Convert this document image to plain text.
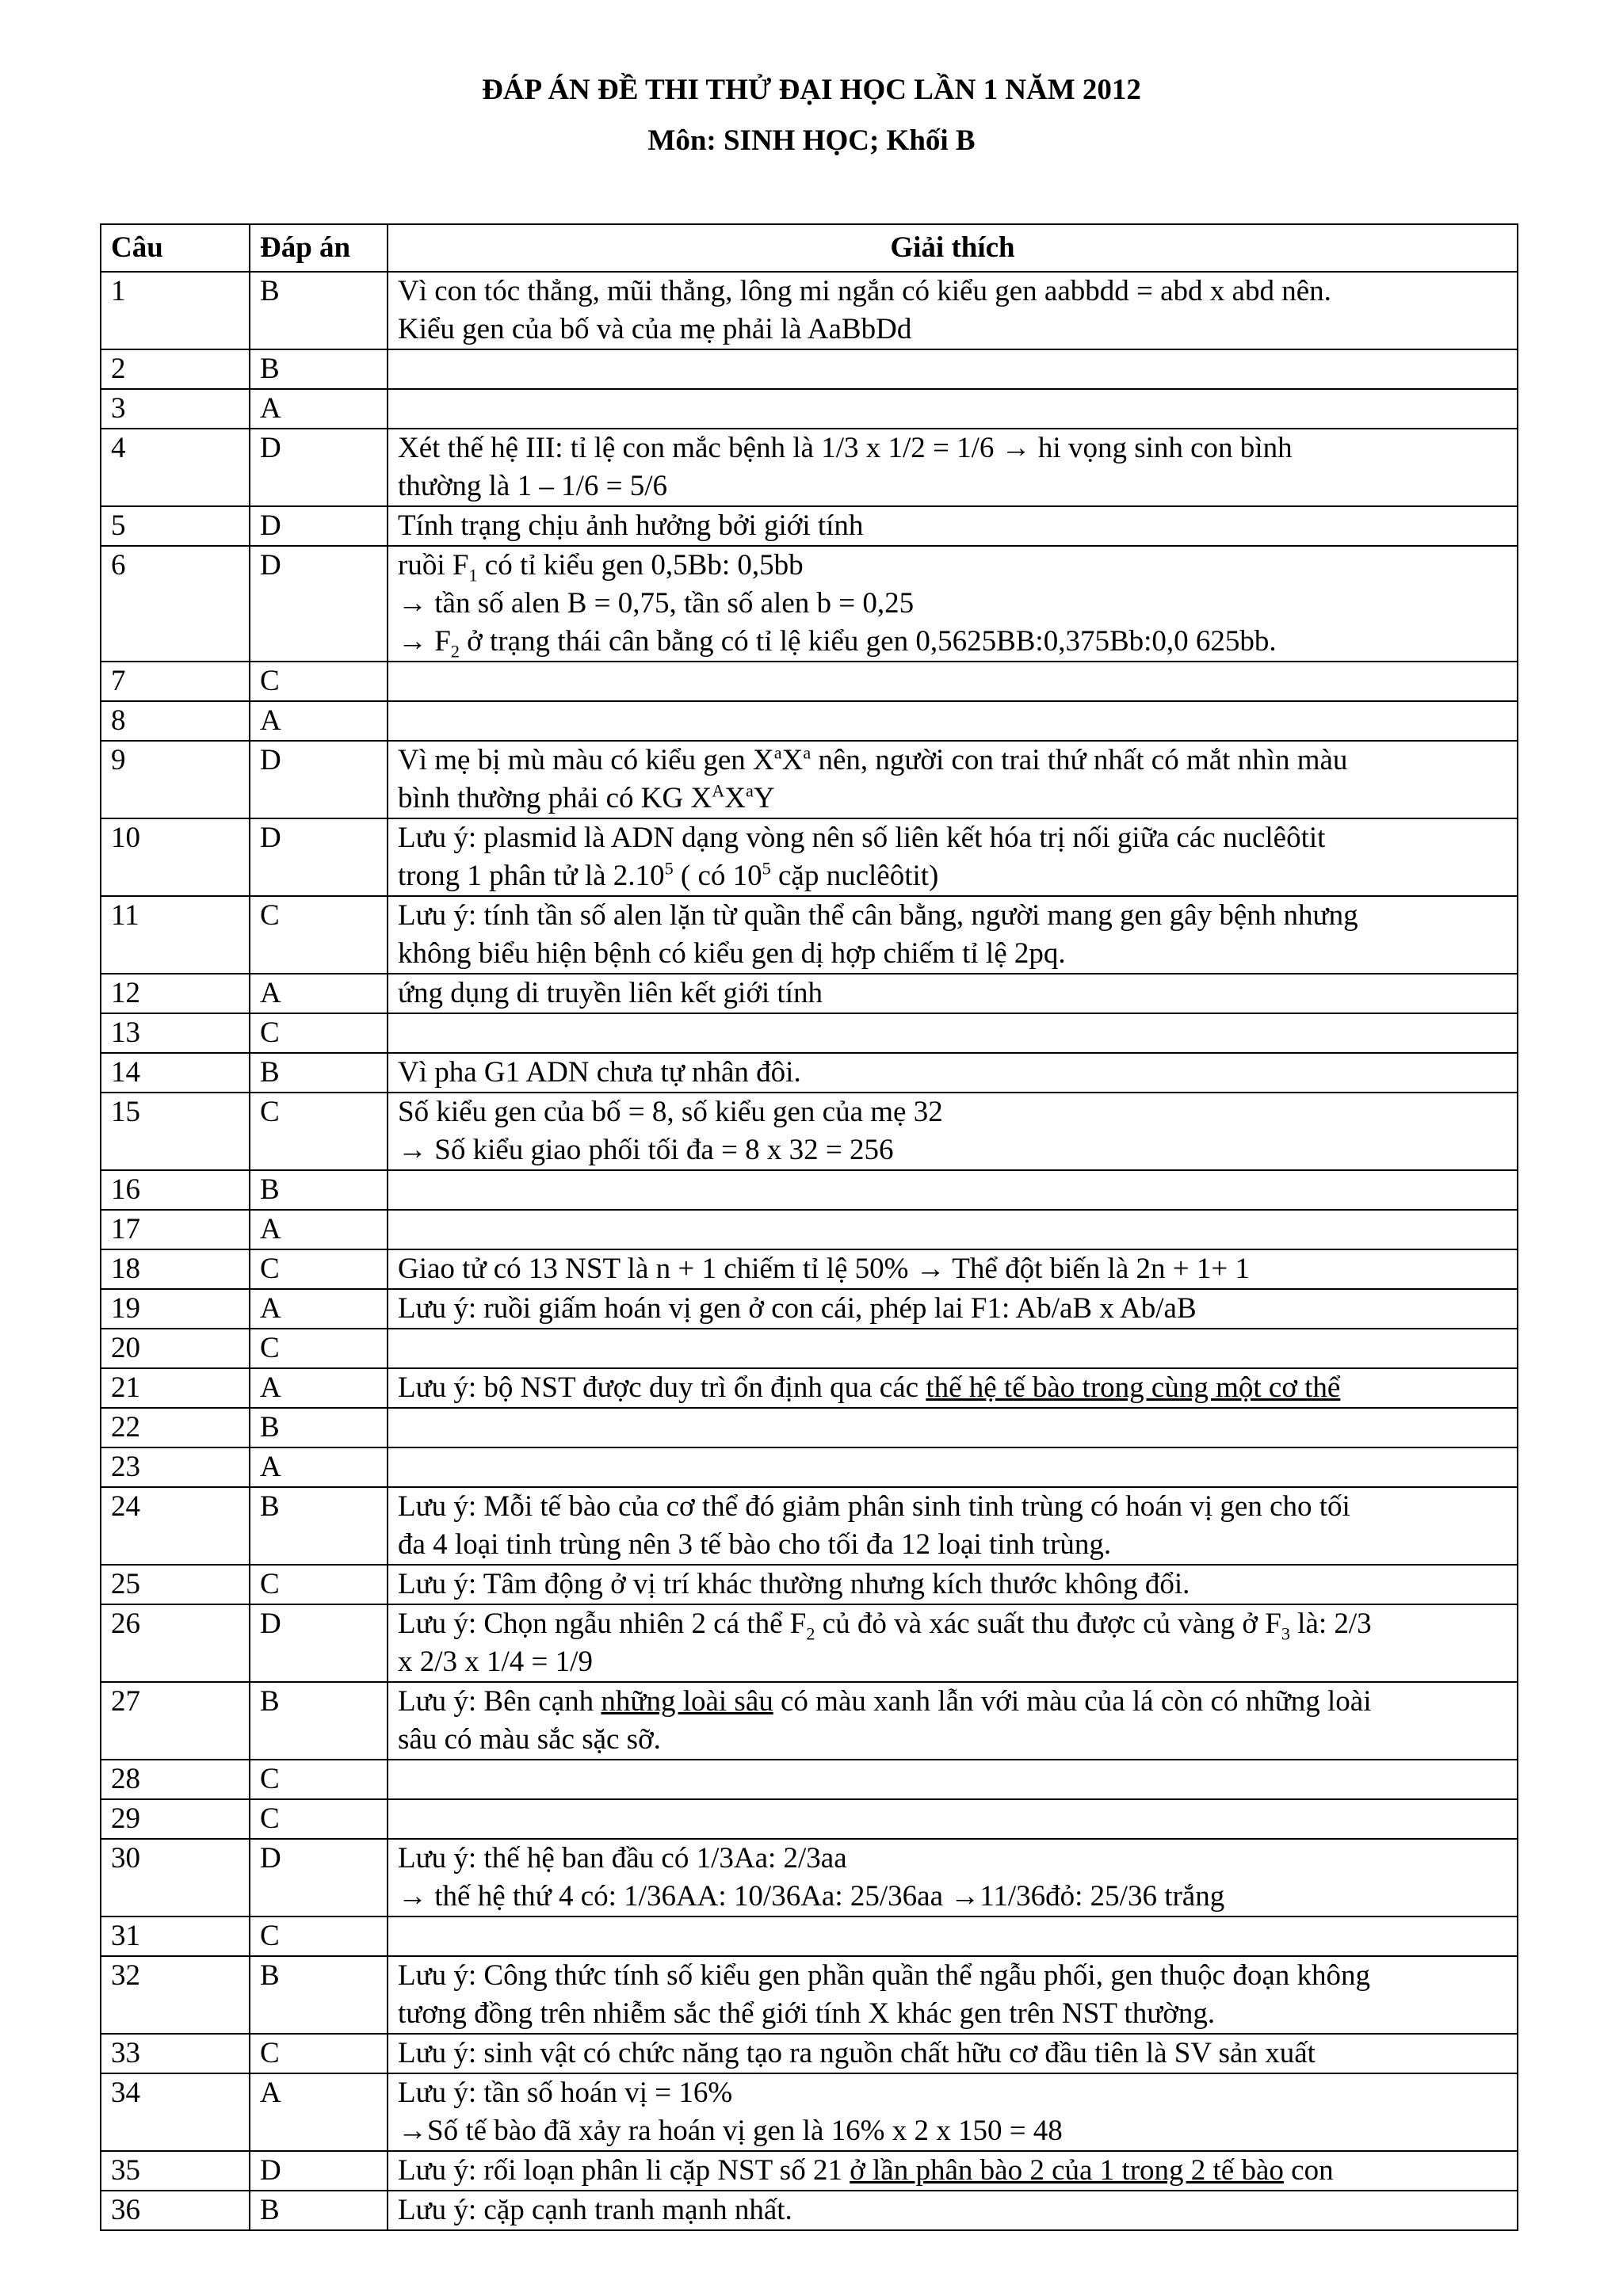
ĐÁP ÁN ĐỀ THI THỬ ĐẠI HỌC LẦN 1 NĂM 2012
Môn: SINH HỌC; Khối B
Câu	Đáp án	Giải thích
1	B	Vì con tóc thẳng, mũi thẳng, lông mi ngắn có kiểu gen aabbdd = abd x abd nên.
Kiểu gen của bố và của mẹ phải là AaBbDd

2	B	
3	A	
4	D	Xét thế hệ III: tỉ lệ con mắc bệnh là 1/3 x 1/2 = 1/6 → hi vọng sinh con bình
thường là 1 – 1/6 = 5/6

5	D	Tính trạng chịu ảnh hưởng bởi giới tính

6	D	ruồi $F_1$ có tỉ kiểu gen 0,5Bb: 0,5bb
→ tần số alen B = 0,75, tần số alen b = 0,25
→ $F_2$ ở trạng thái cân bằng có tỉ lệ kiểu gen 0,5625BB:0,375Bb:0,0 625bb.

7	C	
8	A	
9	D	Vì mẹ bị mù màu có kiểu gen $X^aX^a$ nên, người con trai thứ nhất có mắt nhìn màu
bình thường phải có KG $X^AX^aY$

10	D	Lưu ý: plasmid là ADN dạng vòng nên số liên kết hóa trị nối giữa các nuclêôtit
trong 1 phân tử là 2.10$^5$ ( có $10^5$ cặp nuclêôtit)

11	C	Lưu ý: tính tần số alen lặn từ quần thể cân bằng, người mang gen gây bệnh nhưng
không biểu hiện bệnh có kiểu gen dị hợp chiếm tỉ lệ 2pq.

12	A	ứng dụng di truyền liên kết giới tính

13	C	
14	B	Vì pha G1 ADN chưa tự nhân đôi.

15	C	Số kiểu gen của bố = 8, số kiểu gen của mẹ 32
→ Số kiểu giao phối tối đa = 8 x 32 = 256

16	B	
17	A	
18	C	Giao tử có 13 NST là n + 1 chiếm tỉ lệ 50% → Thể đột biến là 2n + 1+ 1

19	A	Lưu ý: ruồi giấm hoán vị gen ở con cái, phép lai F1: Ab/aB x Ab/aB

20	C	
21	A	Lưu ý: bộ NST được duy trì ổn định qua các thế hệ tế bào trong cùng một cơ thể

22	B	
23	A	
24	B	Lưu ý: Mỗi tế bào của cơ thể đó giảm phân sinh tinh trùng có hoán vị gen cho tối
đa 4 loại tinh trùng nên 3 tế bào cho tối đa 12 loại tinh trùng.

25	C	Lưu ý: Tâm động ở vị trí khác thường nhưng kích thước không đổi.

26	D	Lưu ý: Chọn ngẫu nhiên 2 cá thể $F_2$ củ đỏ và xác suất thu được củ vàng ở $F_3$ là: 2/3
x 2/3 x 1/4 = 1/9

27	B	Lưu ý: Bên cạnh những loài sâu có màu xanh lẫn với màu của lá còn có những loài
sâu có màu sắc sặc sỡ.

28	C	
29	C	
30	D	Lưu ý: thế hệ ban đầu có 1/3Aa: 2/3aa
→ thế hệ thứ 4 có: 1/36AA: 10/36Aa: 25/36aa →11/36đỏ: 25/36 trắng

31	C	
32	B	Lưu ý: Công thức tính số kiểu gen phần quần thể ngẫu phối, gen thuộc đoạn không
tương đồng trên nhiễm sắc thể giới tính X khác gen trên NST thường.

33	C	Lưu ý: sinh vật có chức năng tạo ra nguồn chất hữu cơ đầu tiên là SV sản xuất

34	A	Lưu ý: tần số hoán vị = 16%
→Số tế bào đã xảy ra hoán vị gen là 16% x 2 x 150 = 48

35	D	Lưu ý: rối loạn phân li cặp NST số 21 ở lần phân bào 2 của 1 trong 2 tế bào con

36	B	Lưu ý: cặp cạnh tranh mạnh nhất.
